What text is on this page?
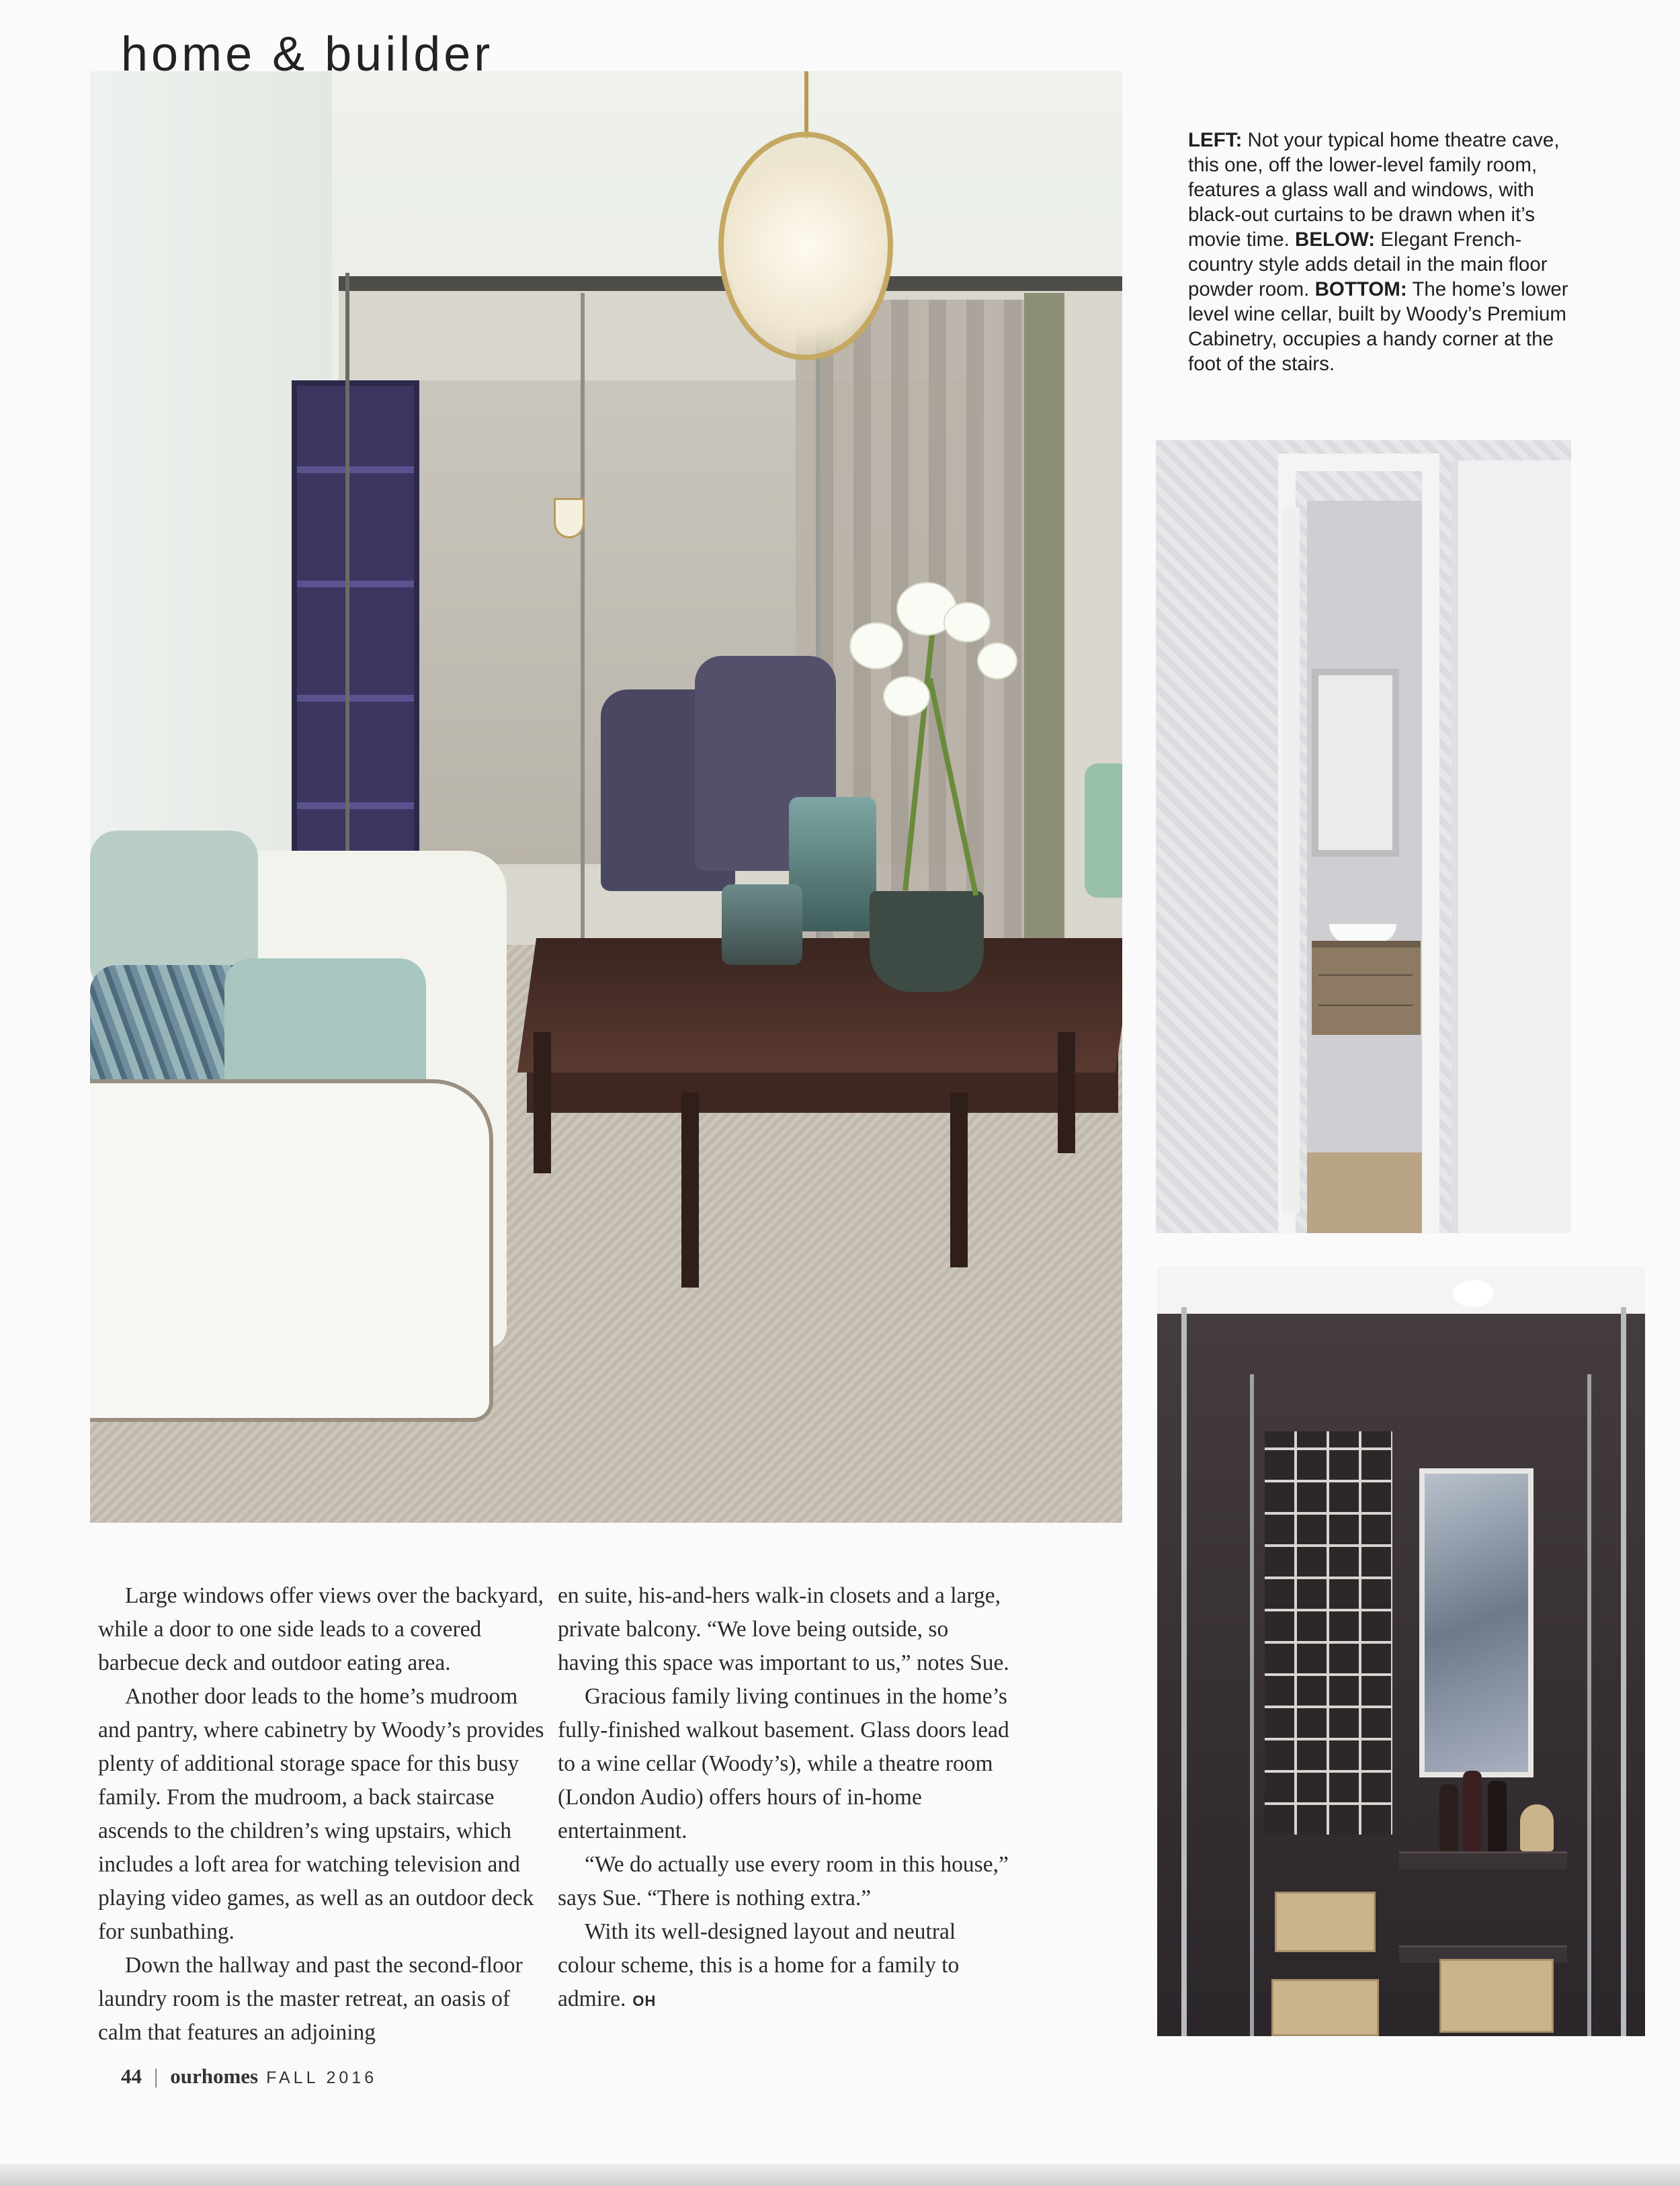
home & builder
LEFT: Not your typical home theatre cave, this one, off the lower-level family room, features a glass wall and windows, with black-out curtains to be drawn when it’s movie time. BELOW: Elegant French-country style adds detail in the main floor powder room. BOTTOM: The home’s lower level wine cellar, built by Woody’s Premium Cabinetry, occupies a handy corner at the foot of the stairs.

Large windows offer views over the backyard, while a door to one side leads to a covered barbecue deck and outdoor eating area.

Another door leads to the home’s mudroom and pantry, where cabinetry by Woody’s provides plenty of additional storage space for this busy family. From the mudroom, a back staircase ascends to the children’s wing upstairs, which includes a loft area for watching television and playing video games, as well as an outdoor deck for sunbathing.

Down the hallway and past the second-floor laundry room is the master retreat, an oasis of calm that features an adjoining

en suite, his-and-hers walk-in closets and a large, private balcony. “We love being outside, so having this space was important to us,” notes Sue.

Gracious family living continues in the home’s fully-finished walkout basement. Glass doors lead to a wine cellar (Woody’s), while a theatre room (London Audio) offers hours of in-home entertainment.

“We do actually use every room in this house,” says Sue. “There is nothing extra.”

With its well-designed layout and neutral colour scheme, this is a home for a family to admire. OH

44 | ourhomes FALL 2016
